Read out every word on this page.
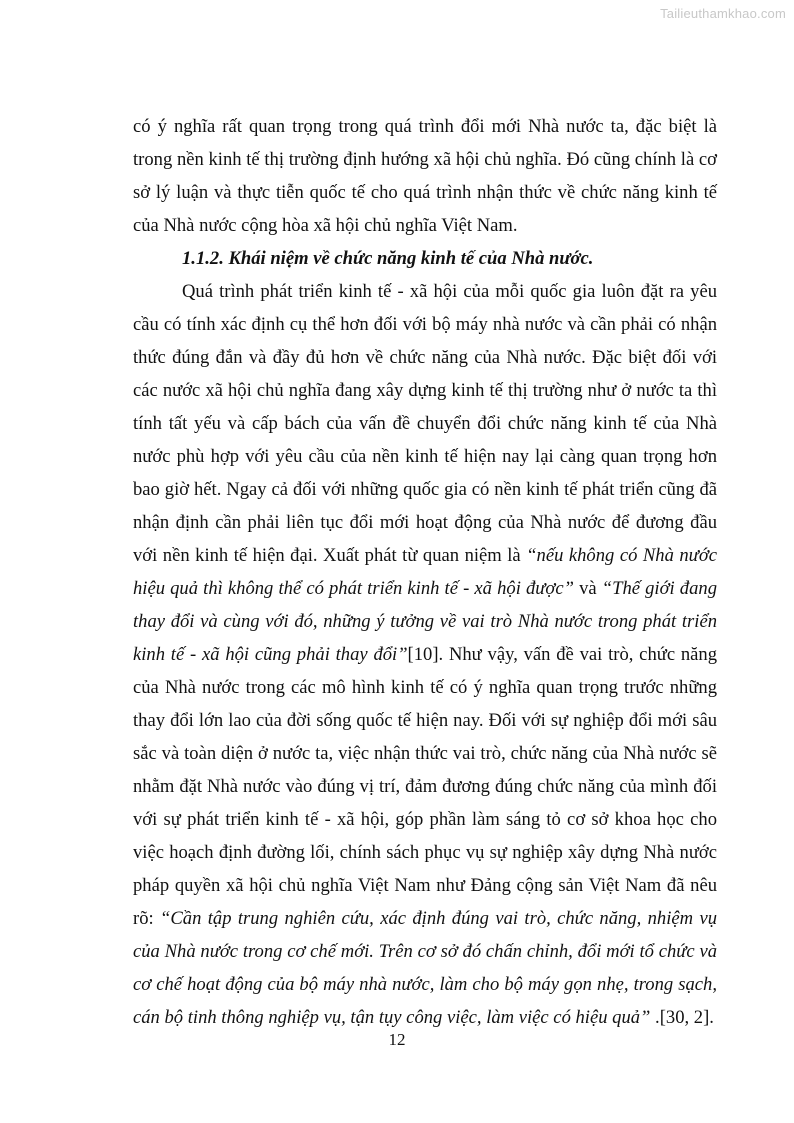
Tailieuthamkhao.com

có ý nghĩa rất quan trọng trong quá trình đổi mới Nhà nước ta, đặc biệt là trong nền kinh tế thị trường định hướng xã hội chủ nghĩa. Đó cũng chính là cơ sở lý luận và thực tiễn quốc tế cho quá trình nhận thức về chức năng kinh tế của Nhà nước cộng hòa xã hội chủ nghĩa Việt Nam.

1.1.2. Khái niệm về chức năng kinh tế của Nhà nước.

Quá trình phát triển kinh tế - xã hội của mỗi quốc gia luôn đặt ra yêu cầu có tính xác định cụ thể hơn đối với bộ máy nhà nước và cần phải có nhận thức đúng đắn và đầy đủ hơn về chức năng của Nhà nước. Đặc biệt đối với các nước xã hội chủ nghĩa đang xây dựng kinh tế thị trường như ở nước ta thì tính tất yếu và cấp bách của vấn đề chuyển đổi chức năng kinh tế của Nhà nước phù hợp với yêu cầu của nền kinh tế hiện nay lại càng quan trọng hơn bao giờ hết. Ngay cả đối với những quốc gia có nền kinh tế phát triển cũng đã nhận định cần phải liên tục đổi mới hoạt động của Nhà nước để đương đầu với nền kinh tế hiện đại. Xuất phát từ quan niệm là “nếu không có Nhà nước hiệu quả thì không thể có phát triển kinh tế - xã hội được” và “Thế giới đang thay đổi và cùng với đó, những ý tưởng về vai trò Nhà nước trong phát triển kinh tế - xã hội cũng phải thay đổi”[10]. Như vậy, vấn đề vai trò, chức năng của Nhà nước trong các mô hình kinh tế có ý nghĩa quan trọng trước những thay đổi lớn lao của đời sống quốc tế hiện nay. Đối với sự nghiệp đổi mới sâu sắc và toàn diện ở nước ta, việc nhận thức vai trò, chức năng của Nhà nước sẽ nhằm đặt Nhà nước vào đúng vị trí, đảm đương đúng chức năng của mình đối với sự phát triển kinh tế - xã hội, góp phần làm sáng tỏ cơ sở khoa học cho việc hoạch định đường lối, chính sách phục vụ sự nghiệp xây dựng Nhà nước pháp quyền xã hội chủ nghĩa Việt Nam như Đảng cộng sản Việt Nam đã nêu rõ: “Cần tập trung nghiên cứu, xác định đúng vai trò, chức năng, nhiệm vụ của Nhà nước trong cơ chế mới. Trên cơ sở đó chấn chỉnh, đổi mới tổ chức và cơ chế hoạt động của bộ máy nhà nước, làm cho bộ máy gọn nhẹ, trong sạch, cán bộ tinh thông nghiệp vụ, tận tụy công việc, làm việc có hiệu quả” .[30, 2].

12
